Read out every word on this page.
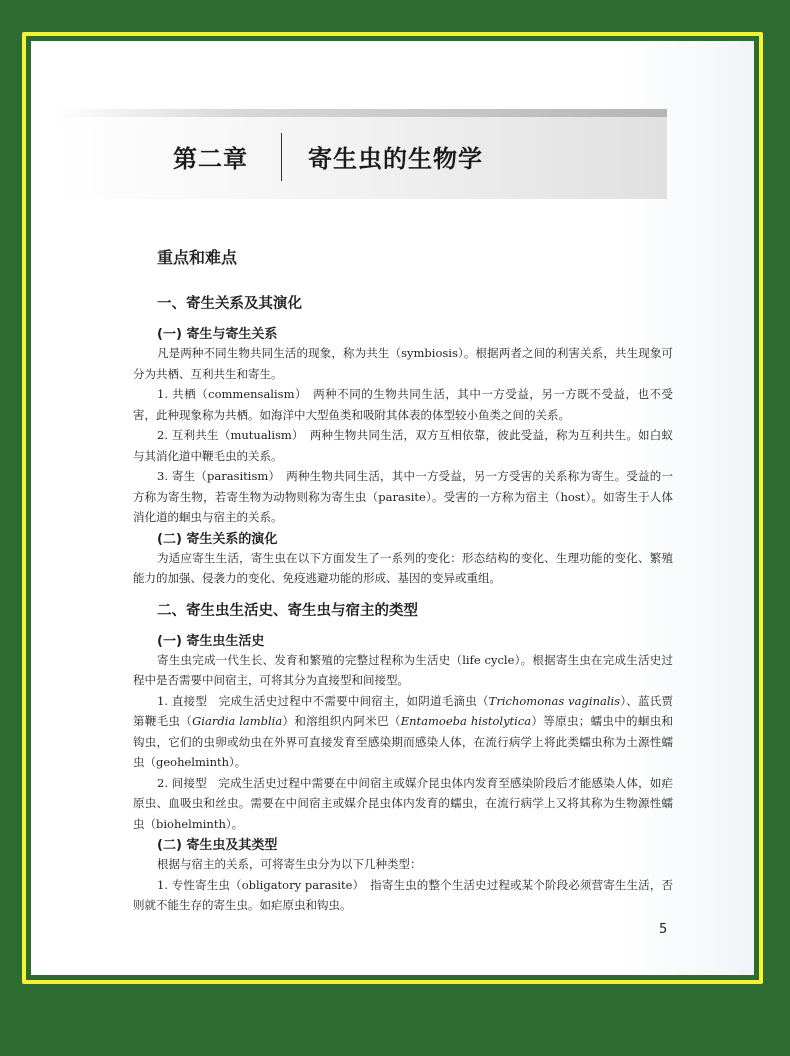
第二章	寄生虫的生物学
重点和难点
一、寄生关系及其演化
(一) 寄生与寄生关系

凡是两种不同生物共同生活的现象，称为共生（symbiosis）。根据两者之间的利害关系，共生现象可分为共栖、互利共生和寄生。

1. 共栖（commensalism）　两种不同的生物共同生活，其中一方受益，另一方既不受益，也不受害，此种现象称为共栖。如海洋中大型鱼类和吸附其体表的体型较小鱼类之间的关系。

2. 互利共生（mutualism）　两种生物共同生活，双方互相依靠，彼此受益，称为互利共生。如白蚁与其消化道中鞭毛虫的关系。

3. 寄生（parasitism）　两种生物共同生活，其中一方受益，另一方受害的关系称为寄生。受益的一方称为寄生物，若寄生物为动物则称为寄生虫（parasite）。受害的一方称为宿主（host）。如寄生于人体消化道的蛔虫与宿主的关系。

(二) 寄生关系的演化

为适应寄生生活，寄生虫在以下方面发生了一系列的变化：形态结构的变化、生理功能的变化、繁殖能力的加强、侵袭力的变化、免疫逃避功能的形成、基因的变异或重组。

二、寄生虫生活史、寄生虫与宿主的类型
(一) 寄生虫生活史

寄生虫完成一代生长、发育和繁殖的完整过程称为生活史（life cycle）。根据寄生虫在完成生活史过程中是否需要中间宿主，可将其分为直接型和间接型。

1. 直接型　完成生活史过程中不需要中间宿主，如阴道毛滴虫（Trichomonas vaginalis）、蓝氏贾第鞭毛虫（Giardia lamblia）和溶组织内阿米巴（Entamoeba histolytica）等原虫；蠕虫中的蛔虫和钩虫，它们的虫卵或幼虫在外界可直接发育至感染期而感染人体，在流行病学上将此类蠕虫称为土源性蠕虫（geohelminth）。

2. 间接型　完成生活史过程中需要在中间宿主或媒介昆虫体内发育至感染阶段后才能感染人体，如疟原虫、血吸虫和丝虫。需要在中间宿主或媒介昆虫体内发育的蠕虫，在流行病学上又将其称为生物源性蠕虫（biohelminth）。

(二) 寄生虫及其类型

根据与宿主的关系，可将寄生虫分为以下几种类型：

1. 专性寄生虫（obligatory parasite）　指寄生虫的整个生活史过程或某个阶段必须营寄生生活，否则就不能生存的寄生虫。如疟原虫和钩虫。

5
